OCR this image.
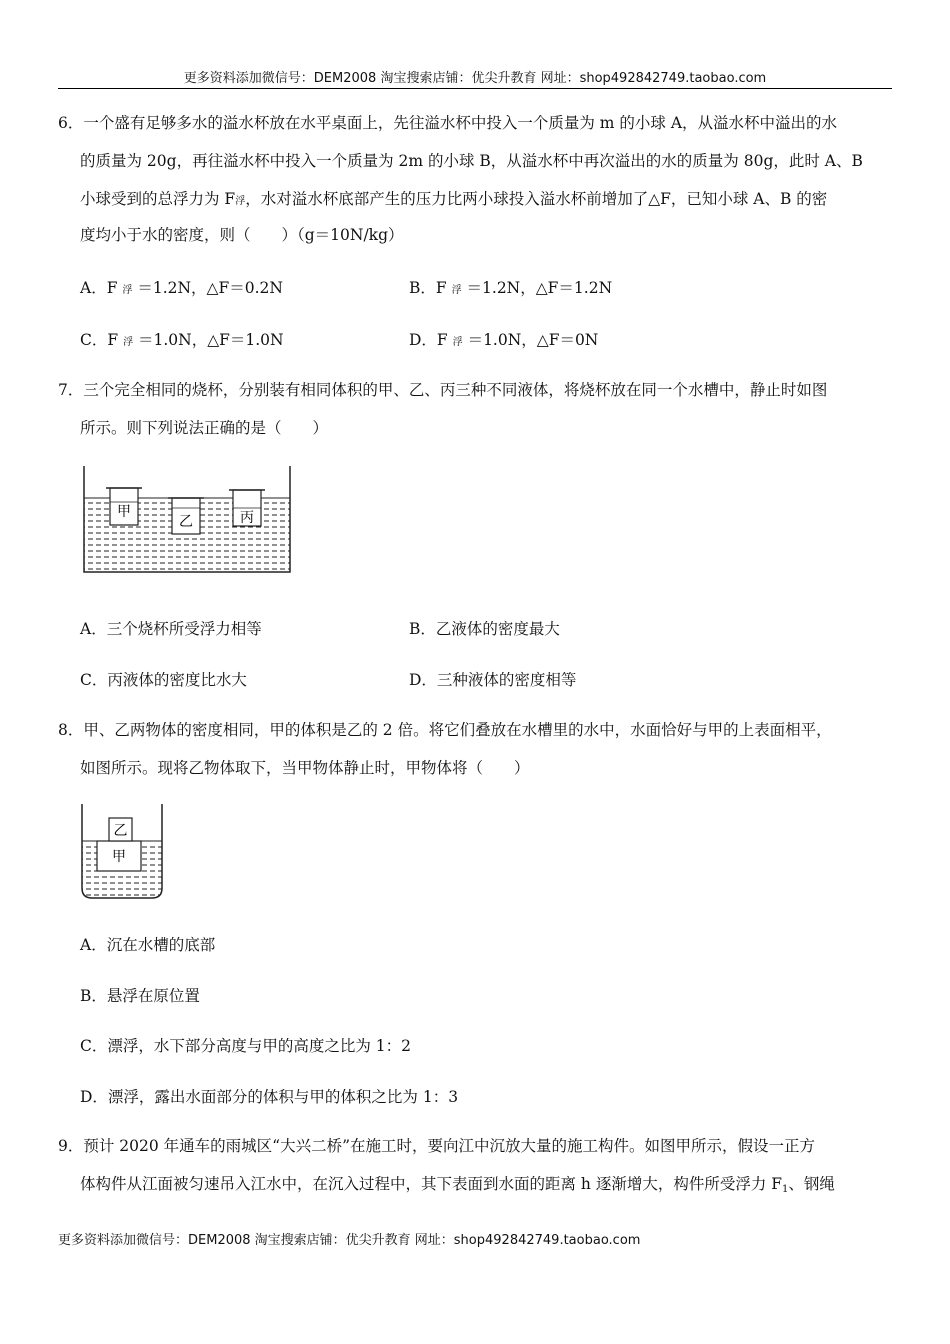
更多资料添加微信号：DEM2008 淘宝搜索店铺：优尖升教育 网址：shop492842749.taobao.com
6．一个盛有足够多水的溢水杯放在水平桌面上，先往溢水杯中投入一个质量为 m 的小球 A，从溢水杯中溢出的水
的质量为 20g，再往溢水杯中投入一个质量为 2m 的小球 B，从溢水杯中再次溢出的水的质量为 80g，此时 A、B
小球受到的总浮力为 F浮，水对溢水杯底部产生的压力比两小球投入溢水杯前增加了△F，已知小球 A、B 的密
度均小于水的密度，则（　　）（g＝10N/kg）
A．F 浮 ＝1.2N，△F＝0.2N	B．F 浮 ＝1.2N，△F＝1.2N
C．F 浮 ＝1.0N，△F＝1.0N	D．F 浮 ＝1.0N，△F＝0N
7．三个完全相同的烧杯，分别装有相同体积的甲、乙、丙三种不同液体，将烧杯放在同一个水槽中，静止时如图
所示。则下列说法正确的是（　　）
甲
乙	丙
A．三个烧杯所受浮力相等	B．乙液体的密度最大
C．丙液体的密度比水大	D．三种液体的密度相等
8．甲、乙两物体的密度相同，甲的体积是乙的 2 倍。将它们叠放在水槽里的水中，水面恰好与甲的上表面相平，
如图所示。现将乙物体取下，当甲物体静止时，甲物体将（　　）
甲
乙
A．沉在水槽的底部
B．悬浮在原位置
C．漂浮，水下部分高度与甲的高度之比为 1：2
D．漂浮，露出水面部分的体积与甲的体积之比为 1：3
9．预计 2020 年通车的雨城区“大兴二桥”在施工时，要向江中沉放大量的施工构件。如图甲所示，假设一正方
体构件从江面被匀速吊入江水中，在沉入过程中，其下表面到水面的距离 h 逐渐增大，构件所受浮力 F1、钢绳
更多资料添加微信号：DEM2008 淘宝搜索店铺：优尖升教育 网址：shop492842749.taobao.com
